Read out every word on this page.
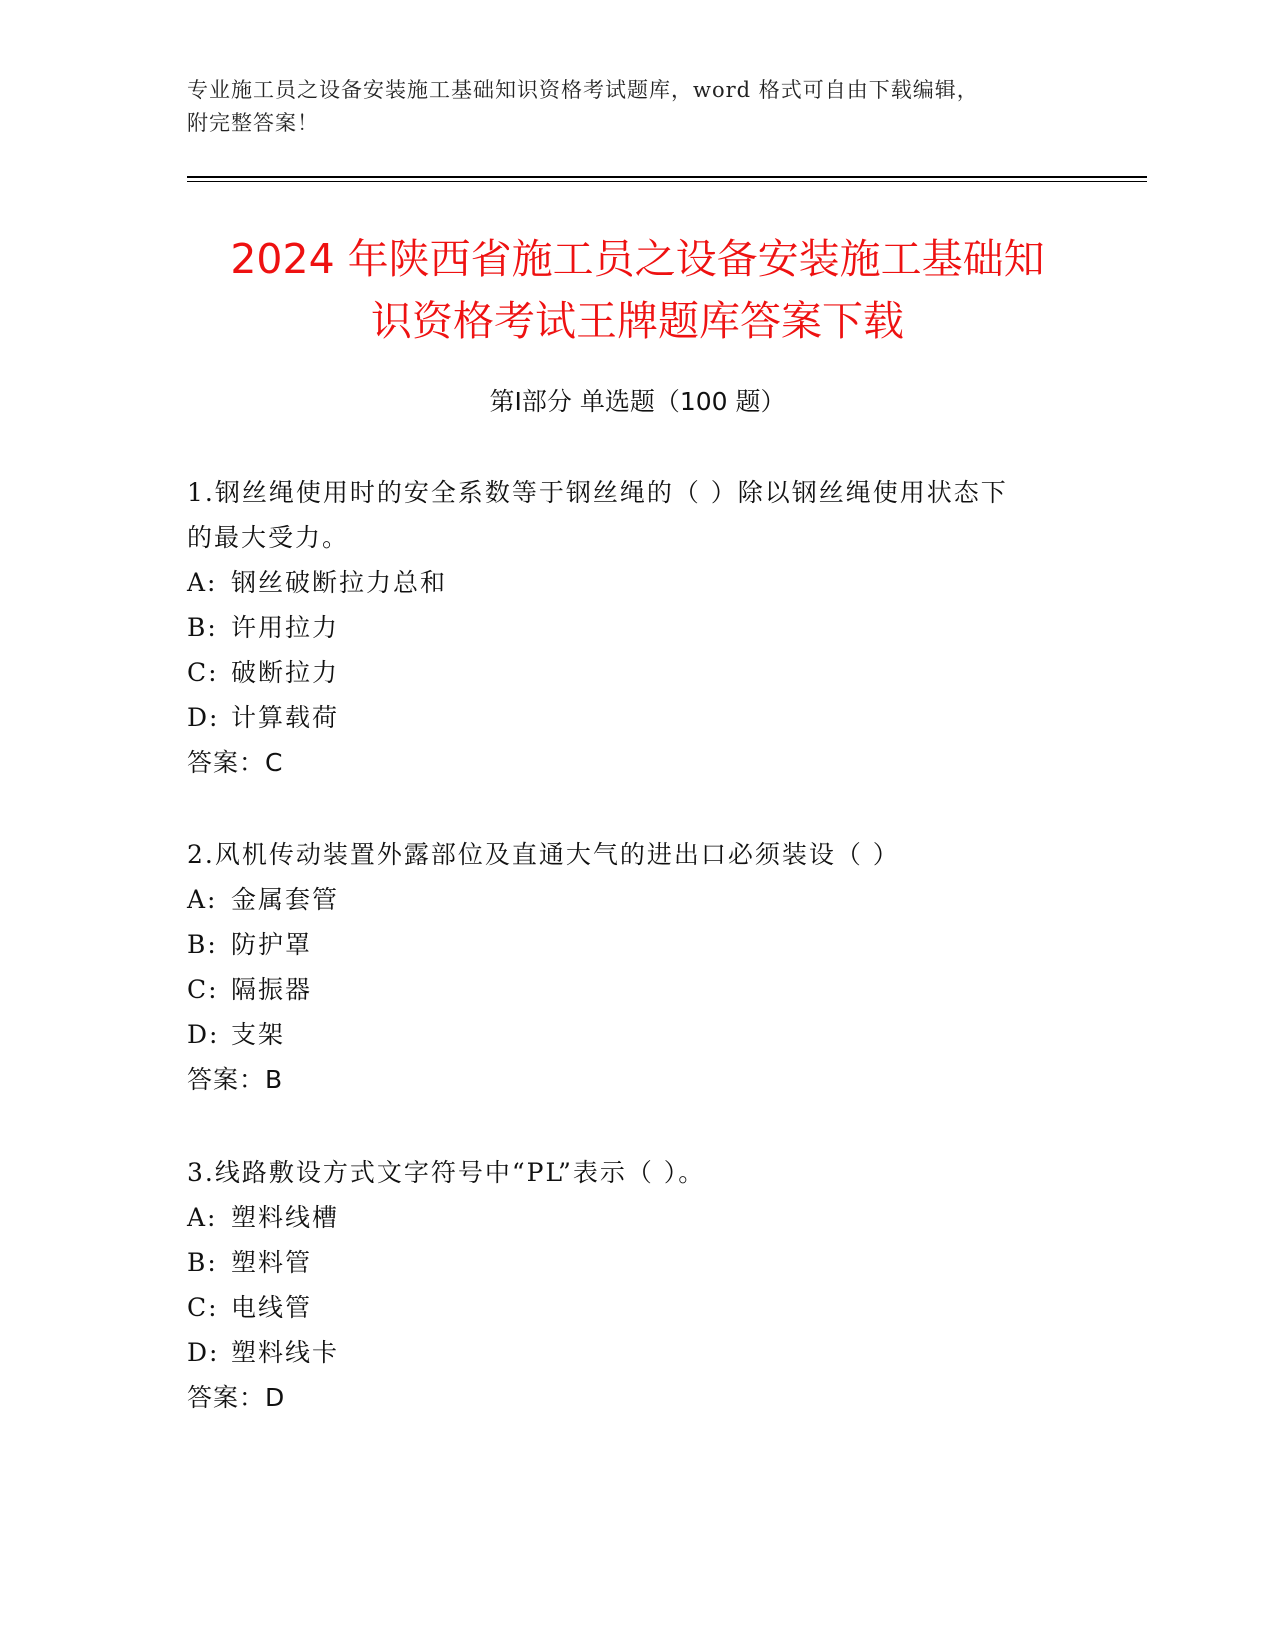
专业施工员之设备安装施工基础知识资格考试题库，word 格式可自由下载编辑，
附完整答案！
2024 年陕西省施工员之设备安装施工基础知
识资格考试王牌题库答案下载
第Ⅰ部分 单选题（100 题）
1.钢丝绳使用时的安全系数等于钢丝绳的（ ）除以钢丝绳使用状态下
的最大受力。
A: 钢丝破断拉力总和
B: 许用拉力
C: 破断拉力
D: 计算载荷
答案：C
2.风机传动装置外露部位及直通大气的进出口必须装设（ ）
A: 金属套管
B: 防护罩
C: 隔振器
D: 支架
答案：B
3.线路敷设方式文字符号中“PL”表示（ ）。
A: 塑料线槽
B: 塑料管
C: 电线管
D: 塑料线卡
答案：D
